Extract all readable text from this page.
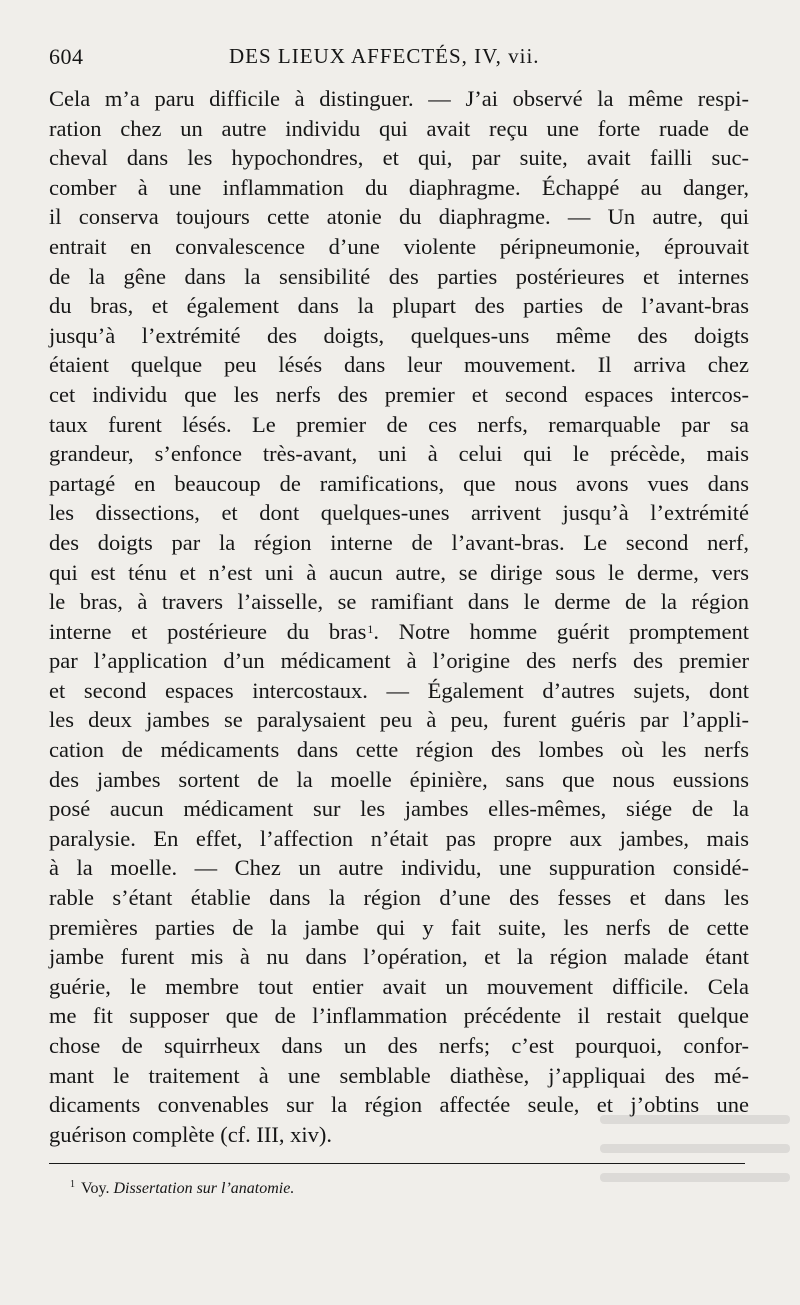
604	DES LIEUX AFFECTÉS, IV, vii.
Cela m’a paru difficile à distinguer. — J’ai observé la même respi-
ration chez un autre individu qui avait reçu une forte ruade de
cheval dans les hypochondres, et qui, par suite, avait failli suc-
comber à une inflammation du diaphragme. Échappé au danger,
il conserva toujours cette atonie du diaphragme. — Un autre, qui
entrait en convalescence d’une violente péripneumonie, éprouvait
de la gêne dans la sensibilité des parties postérieures et internes
du bras, et également dans la plupart des parties de l’avant-bras
jusqu’à l’extrémité des doigts, quelques-uns même des doigts
étaient quelque peu lésés dans leur mouvement. Il arriva chez
cet individu que les nerfs des premier et second espaces intercos-
taux furent lésés. Le premier de ces nerfs, remarquable par sa
grandeur, s’enfonce très-avant, uni à celui qui le précède, mais
partagé en beaucoup de ramifications, que nous avons vues dans
les dissections, et dont quelques-unes arrivent jusqu’à l’extrémité
des doigts par la région interne de l’avant-bras. Le second nerf,
qui est ténu et n’est uni à aucun autre, se dirige sous le derme, vers
le bras, à travers l’aisselle, se ramifiant dans le derme de la région
interne et postérieure du bras$^1$. Notre homme guérit promptement
par l’application d’un médicament à l’origine des nerfs des premier
et second espaces intercostaux. — Également d’autres sujets, dont
les deux jambes se paralysaient peu à peu, furent guéris par l’appli-
cation de médicaments dans cette région des lombes où les nerfs
des jambes sortent de la moelle épinière, sans que nous eussions
posé aucun médicament sur les jambes elles-mêmes, siége de la
paralysie. En effet, l’affection n’était pas propre aux jambes, mais
à la moelle. — Chez un autre individu, une suppuration considé-
rable s’étant établie dans la région d’une des fesses et dans les
premières parties de la jambe qui y fait suite, les nerfs de cette
jambe furent mis à nu dans l’opération, et la région malade étant
guérie, le membre tout entier avait un mouvement difficile. Cela
me fit supposer que de l’inflammation précédente il restait quelque
chose de squirrheux dans un des nerfs; c’est pourquoi, confor-
mant le traitement à une semblable diathèse, j’appliquai des mé-
dicaments convenables sur la région affectée seule, et j’obtins une
guérison complète (cf. III, xiv).
$^1$ Voy. Dissertation sur l’anatomie.
